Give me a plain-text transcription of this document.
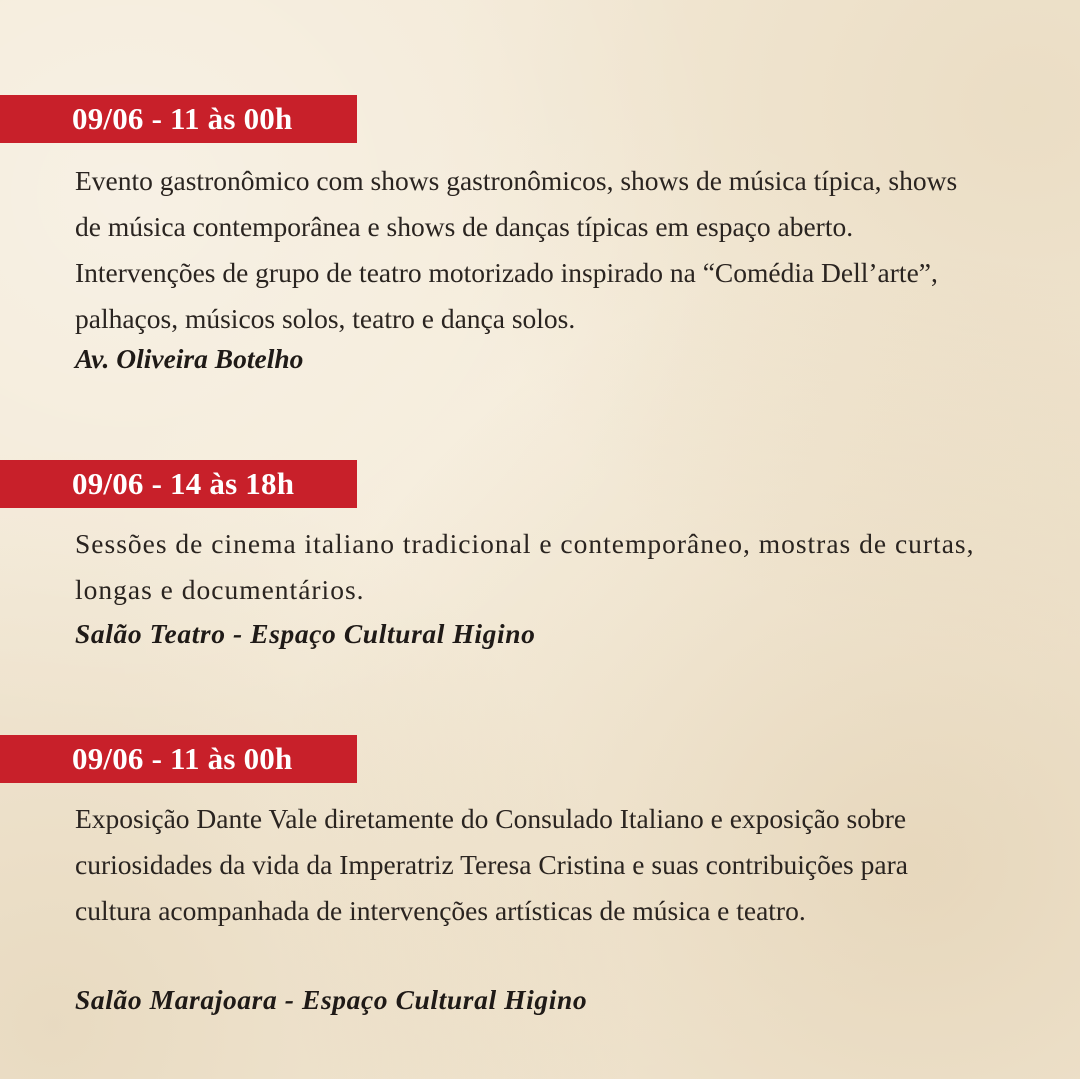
09/06 - 11 às 00h

Evento gastronômico com shows gastronômicos, shows de música típica, shows de música contemporânea e shows de danças típicas em espaço aberto. Intervenções de grupo de teatro motorizado inspirado na “Comédia Dell’arte”, palhaços, músicos solos, teatro e dança solos.

Av. Oliveira Botelho

09/06 - 14 às 18h

Sessões de cinema italiano tradicional e contemporâneo, mostras de curtas, longas e documentários.

Salão Teatro - Espaço Cultural Higino

09/06 - 11 às 00h

Exposição Dante Vale diretamente do Consulado Italiano e exposição sobre curiosidades da vida da Imperatriz Teresa Cristina e suas contribuições para cultura acompanhada de intervenções artísticas de música e teatro.

Salão Marajoara - Espaço Cultural Higino
